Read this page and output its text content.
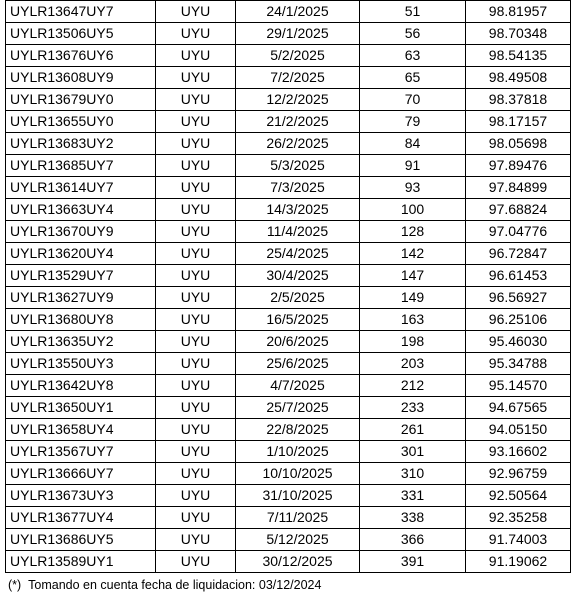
UYLR13647UY7	UYU	24/1/2025	51	98.81957
UYLR13506UY5	UYU	29/1/2025	56	98.70348
UYLR13676UY6	UYU	5/2/2025	63	98.54135
UYLR13608UY9	UYU	7/2/2025	65	98.49508
UYLR13679UY0	UYU	12/2/2025	70	98.37818
UYLR13655UY0	UYU	21/2/2025	79	98.17157
UYLR13683UY2	UYU	26/2/2025	84	98.05698
UYLR13685UY7	UYU	5/3/2025	91	97.89476
UYLR13614UY7	UYU	7/3/2025	93	97.84899
UYLR13663UY4	UYU	14/3/2025	100	97.68824
UYLR13670UY9	UYU	11/4/2025	128	97.04776
UYLR13620UY4	UYU	25/4/2025	142	96.72847
UYLR13529UY7	UYU	30/4/2025	147	96.61453
UYLR13627UY9	UYU	2/5/2025	149	96.56927
UYLR13680UY8	UYU	16/5/2025	163	96.25106
UYLR13635UY2	UYU	20/6/2025	198	95.46030
UYLR13550UY3	UYU	25/6/2025	203	95.34788
UYLR13642UY8	UYU	4/7/2025	212	95.14570
UYLR13650UY1	UYU	25/7/2025	233	94.67565
UYLR13658UY4	UYU	22/8/2025	261	94.05150
UYLR13567UY7	UYU	1/10/2025	301	93.16602
UYLR13666UY7	UYU	10/10/2025	310	92.96759
UYLR13673UY3	UYU	31/10/2025	331	92.50564
UYLR13677UY4	UYU	7/11/2025	338	92.35258
UYLR13686UY5	UYU	5/12/2025	366	91.74003
UYLR13589UY1	UYU	30/12/2025	391	91.19062
(*) Tomando en cuenta fecha de liquidacion: 03/12/2024
